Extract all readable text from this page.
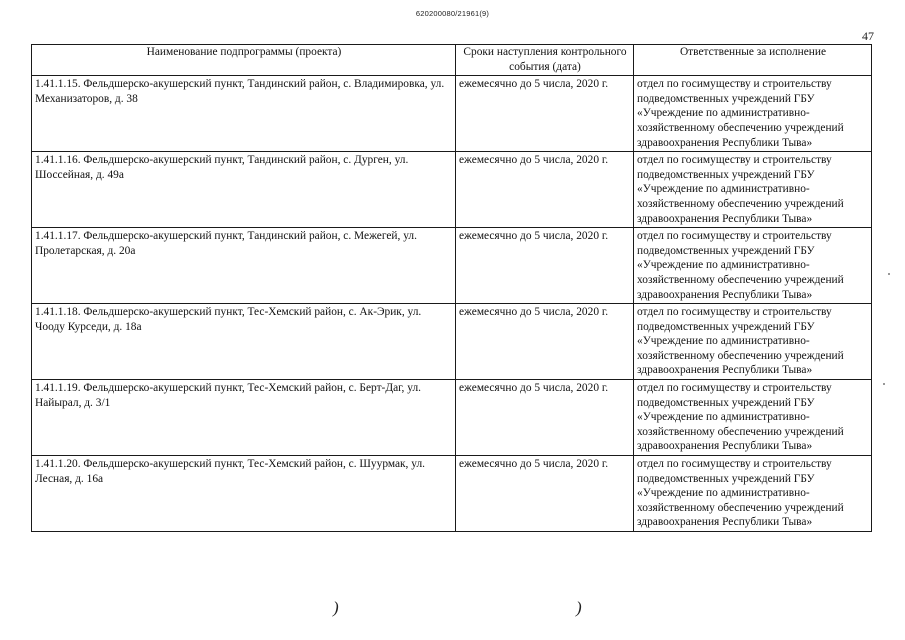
620200080/21961(9)
47
Наименование подпрограммы (проекта)	Сроки наступления контрольного события (дата)	Ответственные за исполнение
1.41.1.15. Фельдшерско-акушерский пункт, Тандинский район, с. Владимировка, ул. Механизаторов, д. 38	ежемесячно до 5 числа, 2020 г.	отдел по госимуществу и строительству подведомственных учреждений ГБУ «Учреждение по административно-хозяйственному обеспечению учреждений здравоохранения Республики Тыва»
1.41.1.16. Фельдшерско-акушерский пункт, Тандинский район, с. Дурген, ул. Шоссейная, д. 49а	ежемесячно до 5 числа, 2020 г.	отдел по госимуществу и строительству подведомственных учреждений ГБУ «Учреждение по административно-хозяйственному обеспечению учреждений здравоохранения Республики Тыва»
1.41.1.17. Фельдшерско-акушерский пункт, Тандинский район, с. Межегей, ул. Пролетарская, д. 20а	ежемесячно до 5 числа, 2020 г.	отдел по госимуществу и строительству подведомственных учреждений ГБУ «Учреждение по административно-хозяйственному обеспечению учреждений здравоохранения Республики Тыва»
1.41.1.18. Фельдшерско-акушерский пункт, Тес-Хемский район, с. Ак-Эрик, ул. Чооду Курседи, д. 18а	ежемесячно до 5 числа, 2020 г.	отдел по госимуществу и строительству подведомственных учреждений ГБУ «Учреждение по административно-хозяйственному обеспечению учреждений здравоохранения Республики Тыва»
1.41.1.19. Фельдшерско-акушерский пункт, Тес-Хемский район, с. Берт-Даг, ул. Найырал, д. 3/1	ежемесячно до 5 числа, 2020 г.	отдел по госимуществу и строительству подведомственных учреждений ГБУ «Учреждение по административно-хозяйственному обеспечению учреждений здравоохранения Республики Тыва»
1.41.1.20. Фельдшерско-акушерский пункт, Тес-Хемский район, с. Шуурмак, ул. Лесная, д. 16а	ежемесячно до 5 числа, 2020 г.	отдел по госимуществу и строительству подведомственных учреждений ГБУ «Учреждение по административно-хозяйственному обеспечению учреждений здравоохранения Республики Тыва»
)	)
